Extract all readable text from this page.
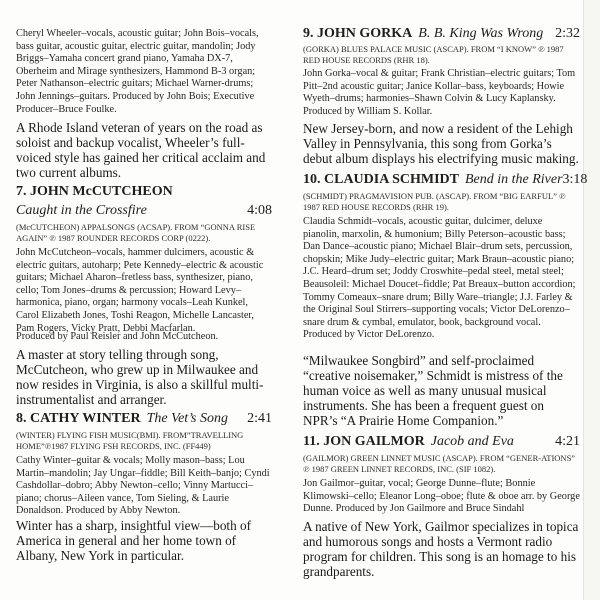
Cheryl Wheeler–vocals, acoustic guitar; John Bois–vocals, bass guitar, acoustic guitar, electric guitar, mandolin; Jody Briggs–Yamaha concert grand piano, Yamaha DX-7, Oberheim and Mirage synthesizers, Hammond B-3 organ; Peter Nathanson–electric guitars; Michael Warner-drums; John Jennings–guitars. Produced by John Bois; Executive Producer–Bruce Foulke.

A Rhode Island veteran of years on the road as soloist and backup vocalist, Wheeler’s full-voiced style has gained her critical acclaim and two current albums.

7. JOHN McCUTCHEON

Caught in the Crossfire	4:08

(McCUTCHEON) APPALSONGS (ACSAP). FROM “GONNA RISE AGAIN” ℗ 1987 ROUNDER RECORDS CORP (0222).

John McCutcheon–vocals, hammer dulcimers, acoustic & electric guitars, autoharp; Pete Kennedy–electric & acoustic guitars; Michael Aharon–fretless bass, synthesizer, piano, cello; Tom Jones–drums & percussion; Howard Levy–harmonica, piano, organ; harmony vocals–Leah Kunkel, Carol Elizabeth Jones, Toshi Reagon, Michelle Lancaster, Pam Rogers, Vicky Pratt, Debbi Macfarlan.

Produced by Paul Reisler and John McCutcheon.

A master at story telling through song, McCutcheon, who grew up in Milwaukee and now resides in Virginia, is also a skillful multi-instrumentalist and arranger.

8. CATHY WINTER The Vet’s Song 2:41

(WINTER) FLYING FISH MUSIC(BMI). FROM”TRAVELLING HOME”℗1987 FLYING FSH RECORDS, INC. (FF449)

Cathy Winter–guitar & vocals; Molly mason–bass; Lou Martin–mandolin; Jay Ungar–fiddle; Bill Keith–banjo; Cyndi Cashdollar–dobro; Abby Newton–cello; Vinny Martucci–piano; chorus–Aileen vance, Tom Sieling, & Laurie Donaldson. Produced by Abby Newton.

Winter has a sharp, insightful view—both of America in general and her home town of Albany, New York in particular.

9. JOHN GORKA B. B. King Was Wrong 2:32

(GORKA) BLUES PALACE MUSIC (ASCAP). FROM “I KNOW” ℗ 1987 RED HOUSE RECORDS (RHR 18).

John Gorka–vocal & guitar; Frank Christian–electric guitars; Tom Pitt–2nd acoustic guitar; Janice Kollar–bass, keyboards; Howie Wyeth–drums; harmonies–Shawn Colvin & Lucy Kaplansky. Produced by William S. Kollar.

New Jersey-born, and now a resident of the Lehigh Valley in Pennsylvania, this song from Gorka’s debut album displays his electrifying music making.

10. CLAUDIA SCHMIDT Bend in the River 3:18

(SCHMIDT) PRAGMAVISION PUB. (ASCAP). FROM “BIG EARFUL” ℗ 1987 RED HOUSE RECORDS (RHR 19).

Claudia Schmidt–vocals, acoustic guitar, dulcimer, deluxe pianolin, marxolin, & humonium; Billy Peterson–acoustic bass; Dan Dance–acoustic piano; Michael Blair–drum sets, percussion, chopskin; Mike Judy–electric guitar; Mark Braun–acoustic piano; J.C. Heard–drum set; Joddy Croswhite–pedal steel, metal steel; Beausoleil: Michael Doucet–fiddle; Pat Breaux–button accordion; Tommy Comeaux–snare drum; Billy Ware–triangle; J.J. Farley & the Original Soul Stirrers–supporting vocals; Victor DeLorenzo–snare drum & cymbal, emulator, book, background vocal. Produced by Victor DeLorenzo.

“Milwaukee Songbird” and self-proclaimed “creative noisemaker,” Schmidt is mistress of the human voice as well as many unusual musical instruments. She has been a frequent guest on NPR’s “A Prairie Home Companion.”

11. JON GAILMOR Jacob and Eva	4:21

(GAILMOR) GREEN LINNET MUSIC (ASCAP). FROM “GENER-ATIONS” ℗ 1987 GREEN LINNET RECORDS, INC. (SIF 1082).

Jon Gailmor–guitar, vocal; George Dunne–flute; Bonnie Klimowski–cello; Eleanor Long–oboe; flute & oboe arr. by George Dunne. Produced by Jon Gailmore and Bruce Sindahl

A native of New York, Gailmor specializes in topica and humorous songs and hosts a Vermont radio program for children. This song is an homage to his grandparents.
